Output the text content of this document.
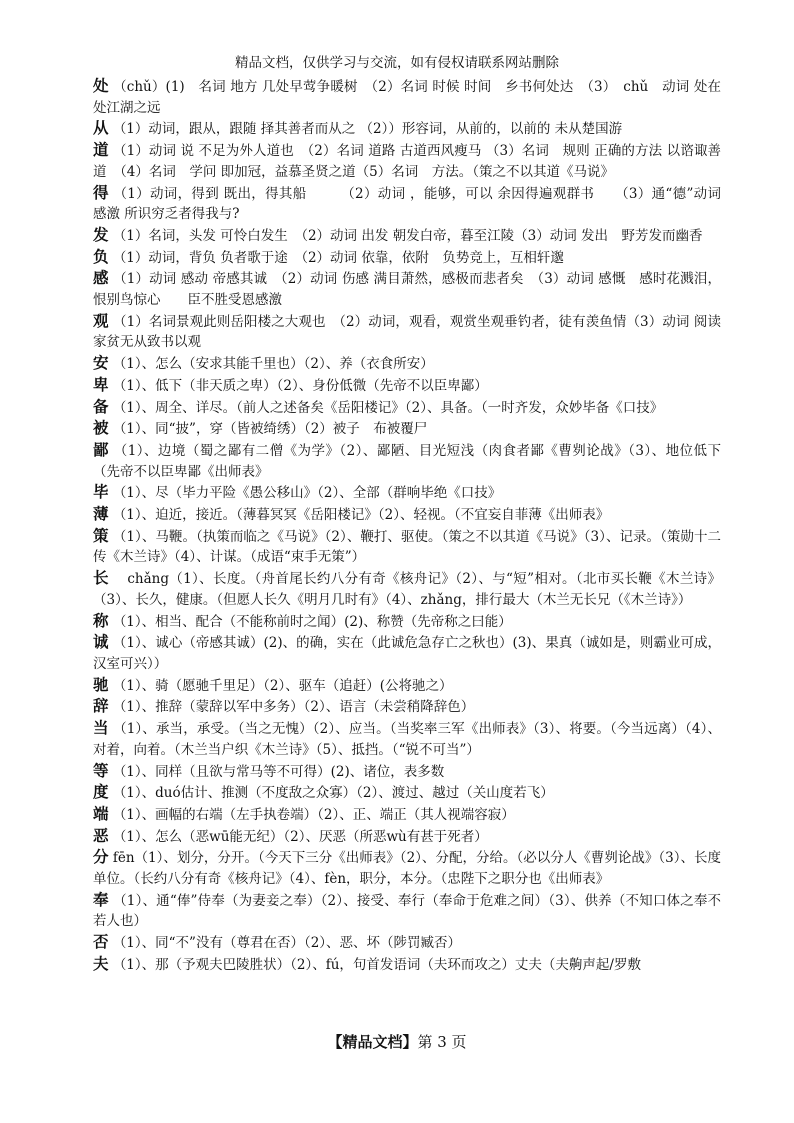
精品文档，仅供学习与交流，如有侵权请联系网站删除

处 （chǔ）(1)　名词 地方 几处早莺争暖树　（2）名词 时候 时间　乡书何处达　（3）　chǔ　动词 处在 处江湖之远

从 （1）动词，跟从，跟随 择其善者而从之 （2））形容词，从前的，以前的 未从楚国游

道 （1）动词 说 不足为外人道也　（2）名词 道路 古道西风瘦马 （3）名词　规则 正确的方法 以谘诹善道　（4）名词　学问 即加冠，益慕圣贤之道（5）名词　方法。（策之不以其道《马说》

得 （1）动词，得到 既出，得其船　　　（2）动词 ，能够，可以 余因得遍观群书　　（3）通“德”动词 感激 所识穷乏者得我与?

发 （1）名词，头发 可怜白发生　（2）动词 出发 朝发白帝，暮至江陵（3）动词 发出　野芳发而幽香

负 （1）动词，背负 负者歌于途　（2）动词 依靠，依附　负势竞上，互相轩邈

感 （1）动词 感动 帝感其诚　（2）动词 伤感 满目萧然，感极而悲者矣　（3）动词 感慨　感时花溅泪，恨别鸟惊心　　臣不胜受恩感激

观 （1）名词景观此则岳阳楼之大观也　（2）动词，观看，观赏坐观垂钓者，徒有羡鱼情（3）动词 阅读 家贫无从致书以观

安 （1）、怎么（安求其能千里也）（2）、养（衣食所安）

卑 （1）、低下（非天质之卑）（2）、身份低微（先帝不以臣卑鄙）

备 （1）、周全、详尽。（前人之述备矣《岳阳楼记》（2）、具备。（一时齐发，众妙毕备《口技》

被 （1）、同“披”，穿（皆被绮绣）（2）被子　布被覆尸

鄙 （1）、边境（蜀之鄙有二僧《为学》（2）、鄙陋、目光短浅（肉食者鄙《曹刿论战》（3）、地位低下（先帝不以臣卑鄙《出师表》

毕 （1）、尽（毕力平险《愚公移山》（2）、全部（群响毕绝《口技》

薄 （1）、迫近，接近。（薄暮冥冥《岳阳楼记》（2）、轻视。（不宜妄自菲薄《出师表》

策 （1）、马鞭。（执策而临之《马说》（2）、鞭打、驱使。（策之不以其道《马说》（3）、记录。（策勋十二传《木兰诗》（4）、计谋。（成语“束手无策”）

长 　chǎng（1）、长度。（舟首尾长约八分有奇《核舟记》（2）、与“短”相对。（北市买长鞭《木兰诗》（3）、长久，健康。（但愿人长久《明月几时有》（4）、zhǎng，排行最大（木兰无长兄（《木兰诗》）

称 （1）、相当、配合（不能称前时之闻）(2)、称赞（先帝称之曰能）

诚 （1）、诚心（帝感其诚）(2)、的确，实在（此诚危急存亡之秋也）(3)、果真（诚如是，则霸业可成，汉室可兴））

驰 （1）、骑（愿驰千里足）（2）、驱车（追赶）(公将驰之）

辞 （1）、推辞（蒙辞以军中多务）（2）、语言（未尝稍降辞色）

当 （1）、承当，承受。（当之无愧）（2）、应当。（当奖率三军《出师表》（3）、将要。（今当远离）（4）、对着，向着。（木兰当户织《木兰诗》（5）、抵挡。（“锐不可当”）

等 （1）、同样（且欲与常马等不可得）(2)、诸位，表多数

度 （1）、duó估计、推测（不度敌之众寡）（2）、渡过、越过（关山度若飞）

端 （1）、画幅的右端（左手执卷端）（2）、正、端正（其人视端容寂）

恶 （1）、怎么（恶wū能无纪）（2）、厌恶（所恶wù有甚于死者）

分 fēn（1）、划分，分开。（今天下三分《出师表》（2）、分配，分给。（必以分人《曹刿论战》（3）、长度单位。（长约八分有奇《核舟记》（4）、fèn，职分，本分。（忠陛下之职分也《出师表》

奉 （1）、通“俸”侍奉（为妻妾之奉）（2）、接受、奉行（奉命于危难之间）（3）、供养（不知口体之奉不若人也）

否 （1）、同“不”没有（尊君在否）（2）、恶、坏（陟罚臧否）

夫 （1）、那（予观夫巴陵胜状）（2）、fú，句首发语词（夫环而攻之）丈夫（夫齁声起/罗敷

【精品文档】第 3 页
